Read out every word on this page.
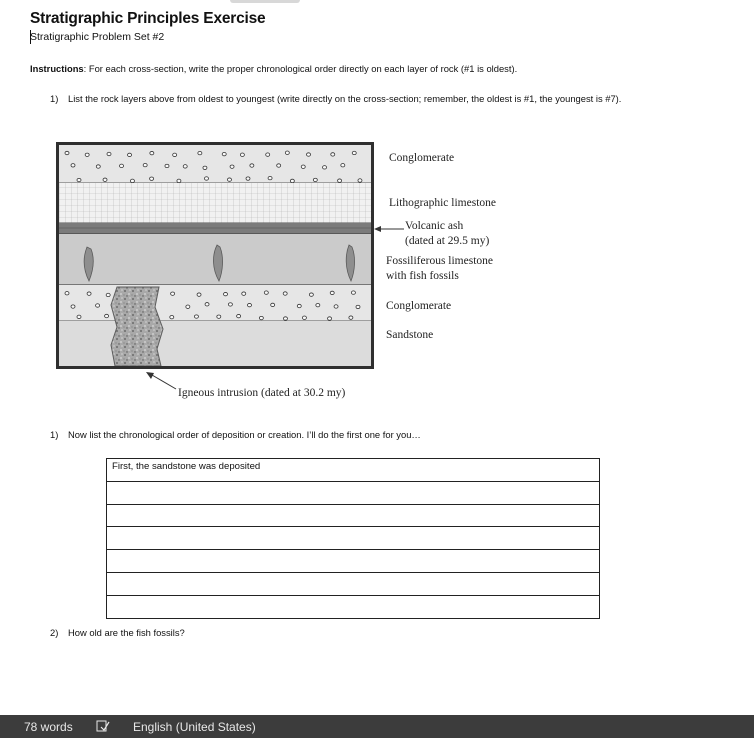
Stratigraphic Principles Exercise
Stratigraphic Problem Set #2
Instructions: For each cross-section, write the proper chronological order directly on each layer of rock (#1 is oldest).
1) List the rock layers above from oldest to youngest (write directly on the cross-section; remember, the oldest is #1, the youngest is #7).
Conglomerate
Lithographic limestone
Volcanic ash
(dated at 29.5 my)
Fossiliferous limestone
with fish fossils
Conglomerate
Sandstone
Igneous intrusion (dated at 30.2 my)
1) Now list the chronological order of deposition or creation. I’ll do the first one for you…
First, the sandstone was deposited

2) How old are the fish fossils?
78 words	English (United States)
